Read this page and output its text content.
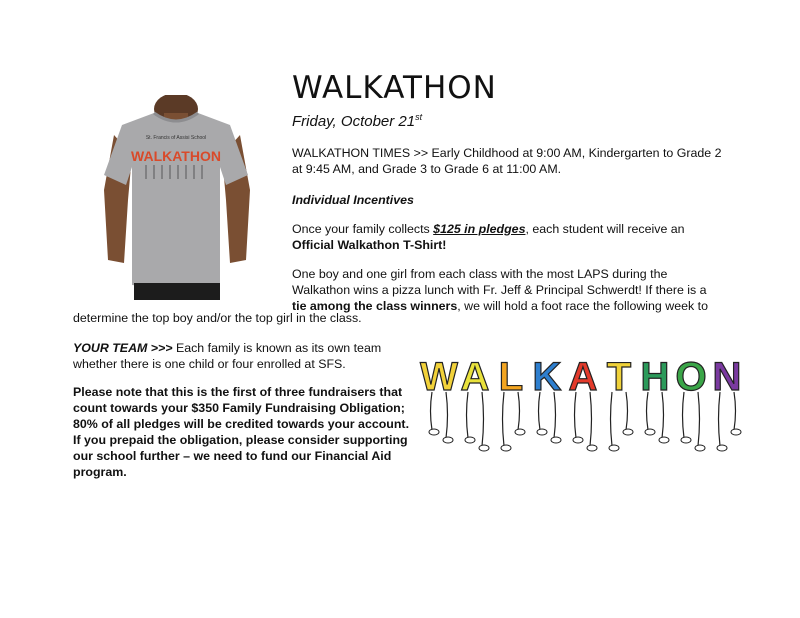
WALKATHON
Friday, October 21st
WALKATHON TIMES >> Early Childhood at 9:00 AM, Kindergarten to Grade 2 at 9:45 AM, and Grade 3 to Grade 6 at 11:00 AM.
Individual Incentives
Once your family collects $125 in pledges, each student will receive an Official Walkathon T-Shirt!
One boy and one girl from each class with the most LAPS during the Walkathon wins a pizza lunch with Fr. Jeff & Principal Schwerdt! If there is a tie among the class winners, we will hold a foot race the following week to
determine the top boy and/or the top girl in the class.
YOUR TEAM >>> Each family is known as its own team whether there is one child or four enrolled at SFS.
Please note that this is the first of three fundraisers that count towards your $350 Family Fundraising Obligation; 80% of all pledges will be credited towards your account. If you prepaid the obligation, please consider supporting our school further – we need to fund our Financial Aid program.
St. Francis of Assisi School
WALKATHON
W A L K A T H O N
